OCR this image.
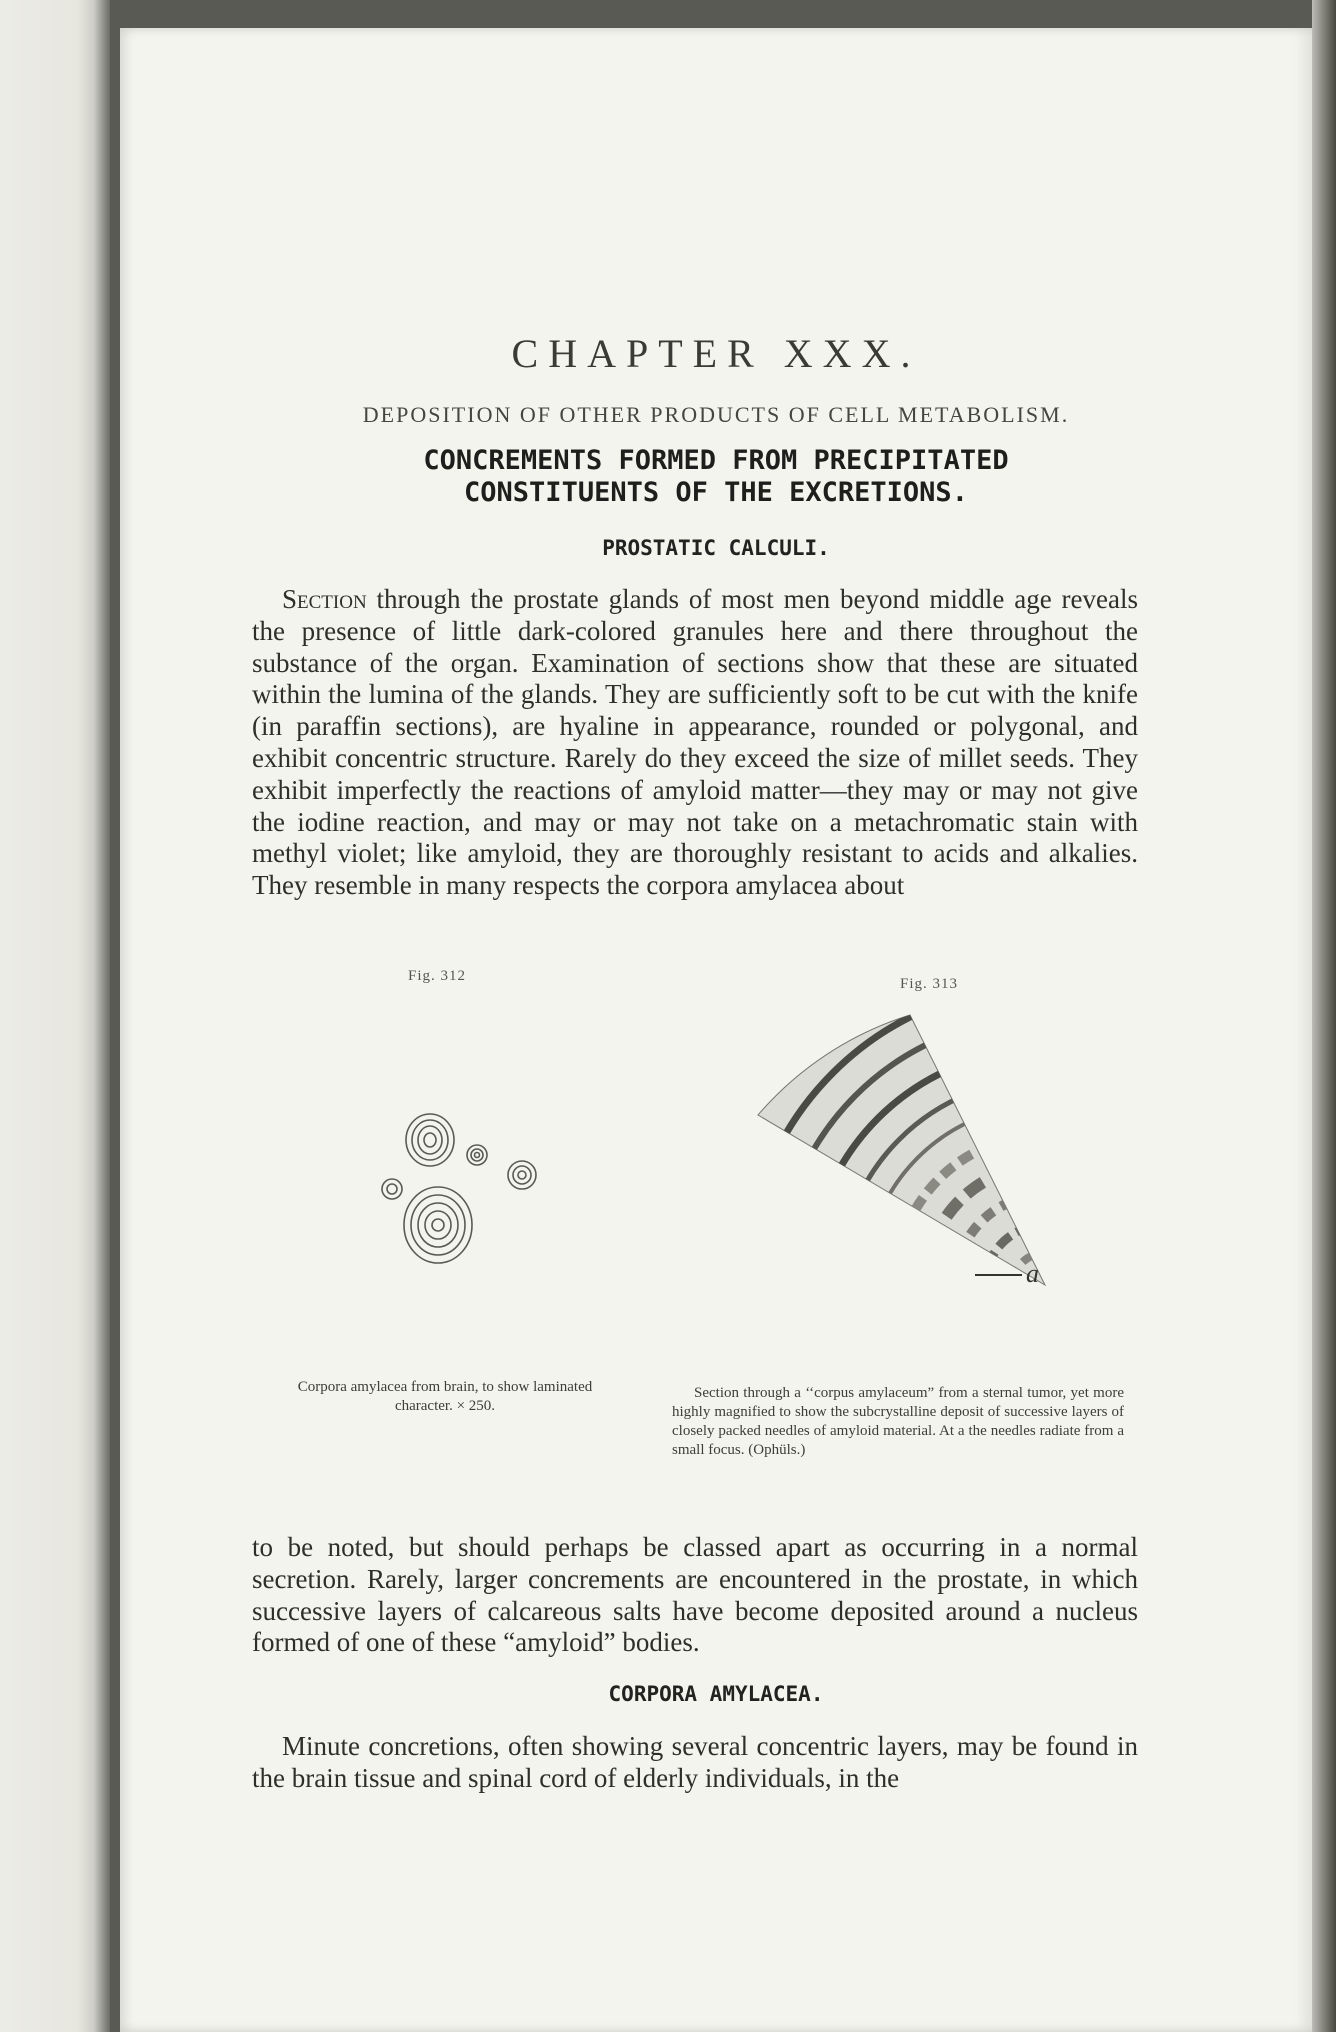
CHAPTER XXX.
DEPOSITION OF OTHER PRODUCTS OF CELL METABOLISM.
CONCREMENTS FORMED FROM PRECIPITATED
CONSTITUENTS OF THE EXCRETIONS.
PROSTATIC CALCULI.

Section through the prostate glands of most men beyond middle age reveals the presence of little dark-colored granules here and there throughout the substance of the organ. Examination of sections show that these are situated within the lumina of the glands. They are sufficiently soft to be cut with the knife (in paraffin sections), are hyaline in appearance, rounded or polygonal, and exhibit concentric structure. Rarely do they exceed the size of millet seeds. They exhibit imperfectly the reactions of amyloid matter—they may or may not give the iodine reaction, and may or may not take on a metachromatic stain with methyl violet; like amyloid, they are thoroughly resistant to acids and alkalies. They resemble in many respects the corpora amylacea about

Fig. 312	Fig. 313
a
Corpora amylacea from brain, to show laminated character. × 250.
Section through a ‘‘corpus amylaceum” from a sternal tumor, yet more highly magnified to show the subcrystalline deposit of successive layers of closely packed needles of amyloid material. At a the needles radiate from a small focus. (Ophüls.)

to be noted, but should perhaps be classed apart as occurring in a normal secretion. Rarely, larger concrements are encountered in the prostate, in which successive layers of calcareous salts have become deposited around a nucleus formed of one of these “amyloid” bodies.

CORPORA AMYLACEA.

Minute concretions, often showing several concentric layers, may be found in the brain tissue and spinal cord of elderly individuals, in the
